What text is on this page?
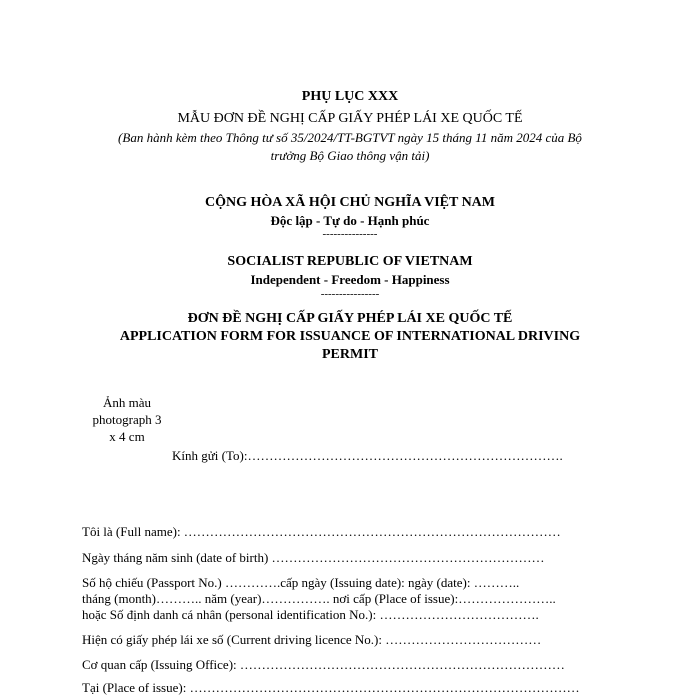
PHỤ LỤC XXX
MẪU ĐƠN ĐỀ NGHỊ CẤP GIẤY PHÉP LÁI XE QUỐC TẾ
(Ban hành kèm theo Thông tư số 35/2024/TT-BGTVT ngày 15 tháng 11 năm 2024 của Bộ
trưởng Bộ Giao thông vận tải)
CỘNG HÒA XÃ HỘI CHỦ NGHĨA VIỆT NAM
Độc lập - Tự do - Hạnh phúc
---------------
SOCIALIST REPUBLIC OF VIETNAM
Independent - Freedom - Happiness
----------------
ĐƠN ĐỀ NGHỊ CẤP GIẤY PHÉP LÁI XE QUỐC TẾ
APPLICATION FORM FOR ISSUANCE OF INTERNATIONAL DRIVING
PERMIT
Ảnh màu
photograph 3
x 4 cm
Kính gửi (To):……………………………………………………………….
Tôi là (Full name): ……………………………………………………………………………
Ngày tháng năm sinh (date of birth) ………………………………………………………
Số hộ chiếu (Passport No.) ………….cấp ngày (Issuing date): ngày (date): ………..
tháng (month)……….. năm (year)……………. nơi cấp (Place of issue):…………………..
hoặc Số định danh cá nhân (personal identification No.): ……………………………….
Hiện có giấy phép lái xe số (Current driving licence No.): ………………………………
Cơ quan cấp (Issuing Office): …………………………………………………………………
Tại (Place of issue): ………………………………………………………………………………
